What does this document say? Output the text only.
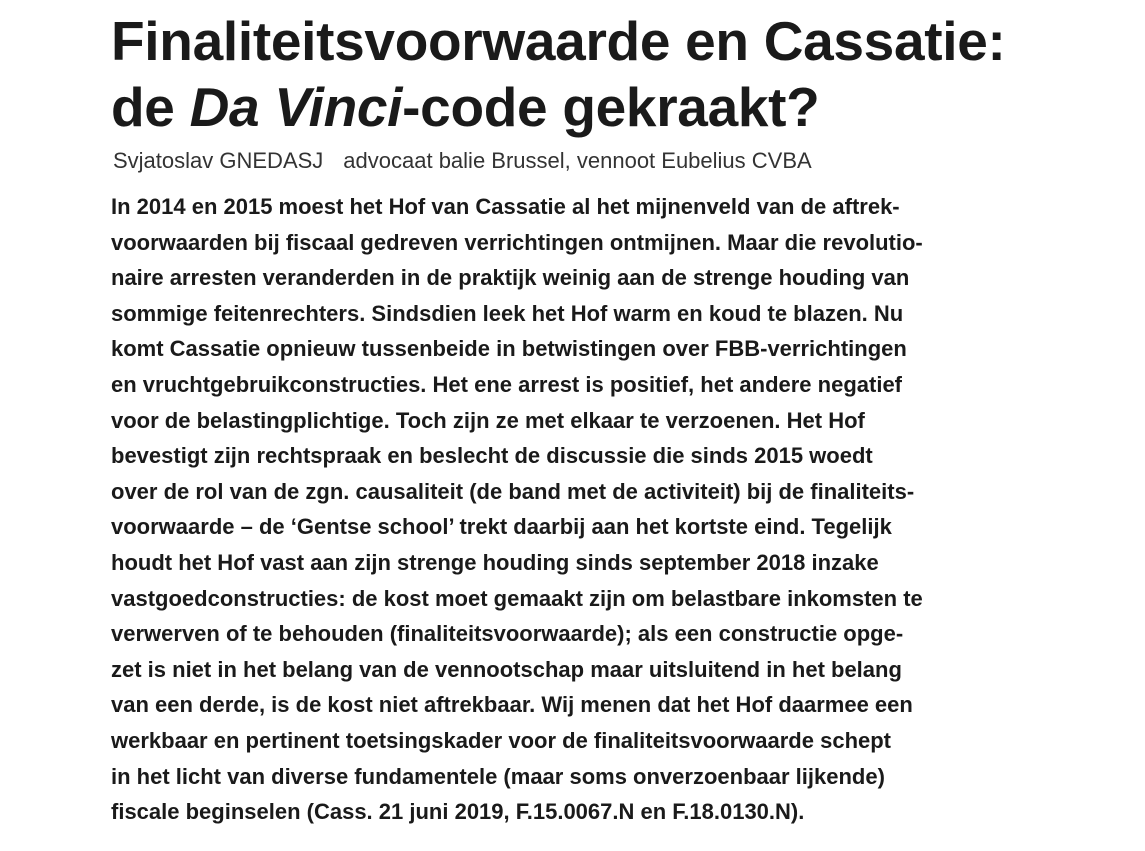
Finaliteitsvoorwaarde en Cassatie:
de Da Vinci-code gekraakt?
Svjatoslav GNEDASJ advocaat balie Brussel, vennoot Eubelius CVBA

In 2014 en 2015 moest het Hof van Cassatie al het mijnenveld van de aftrek-
voorwaarden bij fiscaal gedreven verrichtingen ontmijnen. Maar die revolutio-
naire arresten veranderden in de praktijk weinig aan de strenge houding van
sommige feitenrechters. Sindsdien leek het Hof warm en koud te blazen. Nu
komt Cassatie opnieuw tussenbeide in betwistingen over FBB-verrichtingen
en vruchtgebruikconstructies. Het ene arrest is positief, het andere negatief
voor de belastingplichtige. Toch zijn ze met elkaar te verzoenen. Het Hof
bevestigt zijn rechtspraak en beslecht de discussie die sinds 2015 woedt
over de rol van de zgn. causaliteit (de band met de activiteit) bij de finaliteits-
voorwaarde – de ‘Gentse school’ trekt daarbij aan het kortste eind. Tegelijk
houdt het Hof vast aan zijn strenge houding sinds september 2018 inzake
vastgoedconstructies: de kost moet gemaakt zijn om belastbare inkomsten te
verwerven of te behouden (finaliteitsvoorwaarde); als een constructie opge-
zet is niet in het belang van de vennootschap maar uitsluitend in het belang
van een derde, is de kost niet aftrekbaar. Wij menen dat het Hof daarmee een
werkbaar en pertinent toetsingskader voor de finaliteitsvoorwaarde schept
in het licht van diverse fundamentele (maar soms onverzoenbaar lijkende)
fiscale beginselen (Cass. 21 juni 2019, F.15.0067.N en F.18.0130.N).
